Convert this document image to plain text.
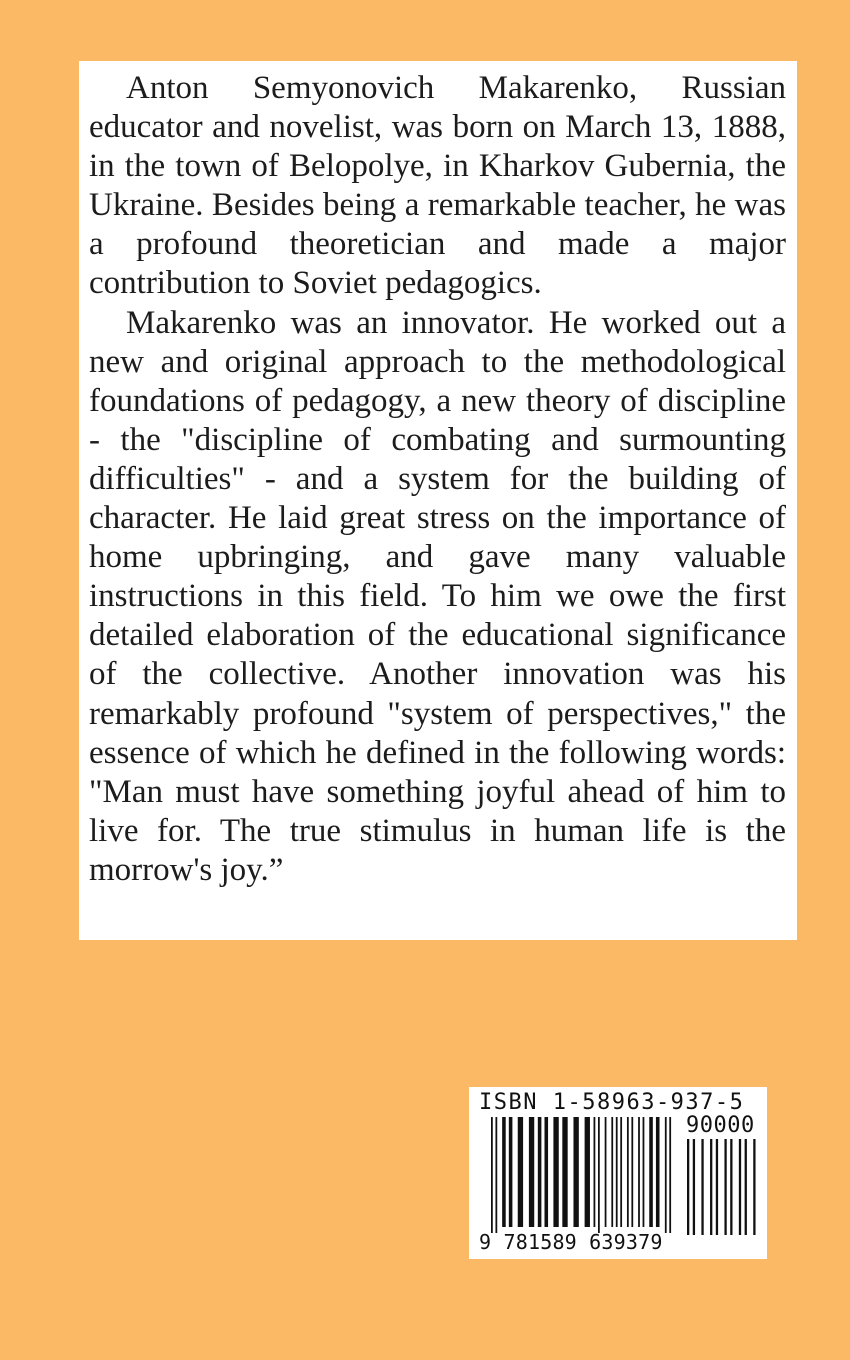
Anton Semyonovich Makarenko, Russian educator and novelist, was born on March 13, 1888, in the town of Belopolye, in Kharkov Gubernia, the Ukraine. Besides being a remarkable teacher, he was a profound theoretician and made a major contribution to Soviet pedagogics.

Makarenko was an innovator. He worked out a new and original approach to the methodological foundations of pedagogy, a new theory of discipline - the "discipline of combating and surmounting difficulties" - and a system for the building of character. He laid great stress on the importance of home upbringing, and gave many valuable instructions in this field. To him we owe the first detailed elaboration of the educational significance of the collective. Another innovation was his remarkably profound "system of perspectives," the essence of which he defined in the following words: "Man must have something joyful ahead of him to live for. The true stimulus in human life is the morrow's joy.”

ISBN 1-58963-937-5
90000
9 781589 639379
